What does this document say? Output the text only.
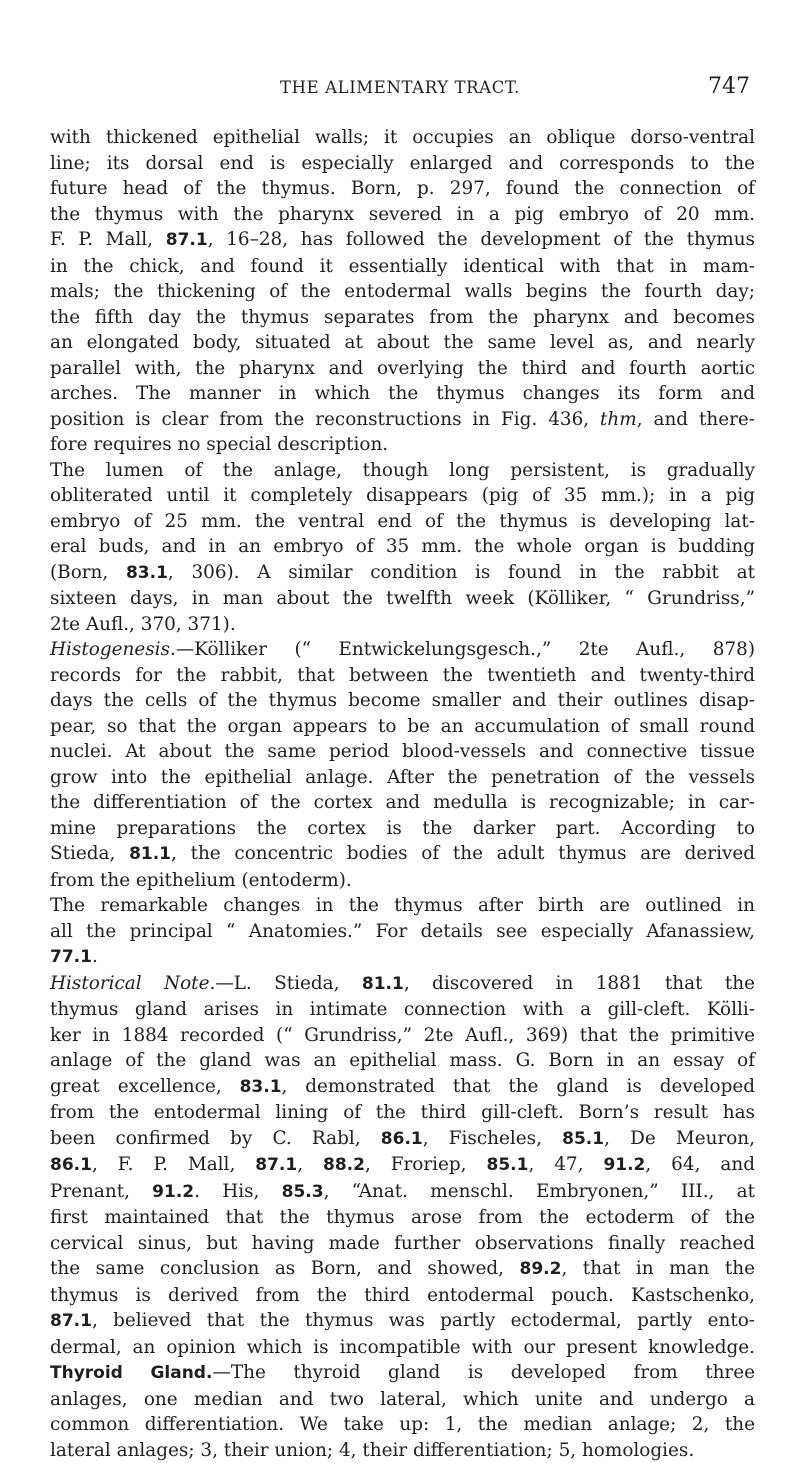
THE ALIMENTARY TRACT.	747
with thickened epithelial walls; it occupies an oblique dorso-ventral
line; its dorsal end is especially enlarged and corresponds to the
future head of the thymus. Born, p. 297, found the connection of
the thymus with the pharynx severed in a pig embryo of 20 mm.
F. P. Mall, 87.1, 16–28, has followed the development of the thymus
in the chick, and found it essentially identical with that in mam-
mals; the thickening of the entodermal walls begins the fourth day;
the fifth day the thymus separates from the pharynx and becomes
an elongated body, situated at about the same level as, and nearly
parallel with, the pharynx and overlying the third and fourth aortic
arches. The manner in which the thymus changes its form and
position is clear from the reconstructions in Fig. 436, thm, and there-
fore requires no special description.
The lumen of the anlage, though long persistent, is gradually
obliterated until it completely disappears (pig of 35 mm.); in a pig
embryo of 25 mm. the ventral end of the thymus is developing lat-
eral buds, and in an embryo of 35 mm. the whole organ is budding
(Born, 83.1, 306). A similar condition is found in the rabbit at
sixteen days, in man about the twelfth week (Kölliker, “ Grundriss,”
2te Aufl., 370, 371).
Histogenesis.—Kölliker (“ Entwickelungsgesch.,” 2te Aufl., 878)
records for the rabbit, that between the twentieth and twenty-third
days the cells of the thymus become smaller and their outlines disap-
pear, so that the organ appears to be an accumulation of small round
nuclei. At about the same period blood-vessels and connective tissue
grow into the epithelial anlage. After the penetration of the vessels
the differentiation of the cortex and medulla is recognizable; in car-
mine preparations the cortex is the darker part. According to
Stieda, 81.1, the concentric bodies of the adult thymus are derived
from the epithelium (entoderm).
The remarkable changes in the thymus after birth are outlined in
all the principal “ Anatomies.” For details see especially Afanassiew,
77.1.
Historical Note.—L. Stieda, 81.1, discovered in 1881 that the
thymus gland arises in intimate connection with a gill-cleft. Kölli-
ker in 1884 recorded (“ Grundriss,” 2te Aufl., 369) that the primitive
anlage of the gland was an epithelial mass. G. Born in an essay of
great excellence, 83.1, demonstrated that the gland is developed
from the entodermal lining of the third gill-cleft. Born’s result has
been confirmed by C. Rabl, 86.1, Fischeles, 85.1, De Meuron,
86.1, F. P. Mall, 87.1, 88.2, Froriep, 85.1, 47, 91.2, 64, and
Prenant, 91.2. His, 85.3, “Anat. menschl. Embryonen,” III., at
first maintained that the thymus arose from the ectoderm of the
cervical sinus, but having made further observations finally reached
the same conclusion as Born, and showed, 89.2, that in man the
thymus is derived from the third entodermal pouch. Kastschenko,
87.1, believed that the thymus was partly ectodermal, partly ento-
dermal, an opinion which is incompatible with our present knowledge.
Thyroid Gland.—The thyroid gland is developed from three
anlages, one median and two lateral, which unite and undergo a
common differentiation. We take up: 1, the median anlage; 2, the
lateral anlages; 3, their union; 4, their differentiation; 5, homologies.
